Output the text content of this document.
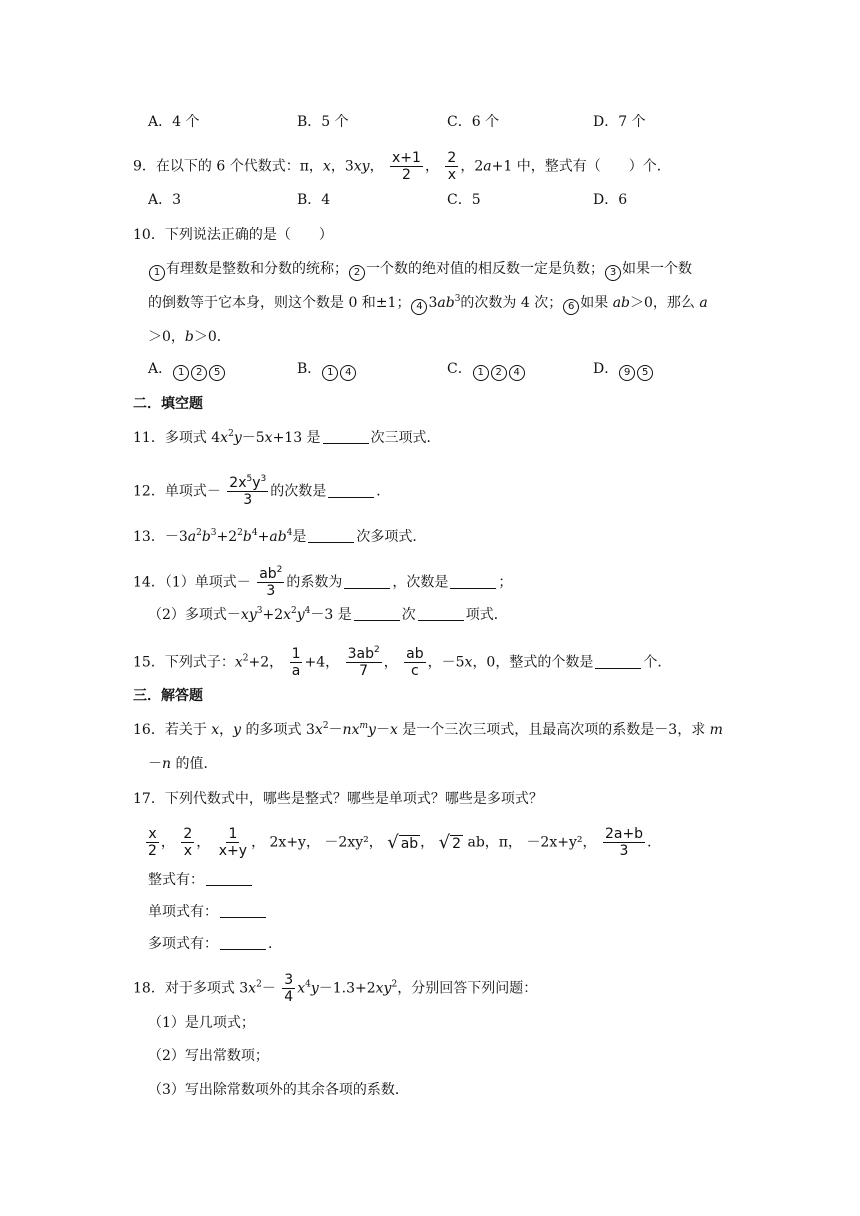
A．4 个	B．5 个	C．6 个	D．7 个
9．在以下的 6 个代数式：π，x，3xy， $\frac{x+1}{2}$ ， $\frac{2}{x}$ ，2a+1 中，整式有（　　）个．
A．3	B．4	C．5	D．6
10．下列说法正确的是（　　）
1 有理数是整数和分数的统称； 2 一个数的绝对值的相反数一定是负数； 3 如果一个数
的倒数等于它本身，则这个数是 0 和±1； 4 $3ab^3$的次数为 4 次； 6 如果 ab＞0，那么 a
＞0，b＞0．
A． 1 2 5	B． 1 4	C． 1 2 4	D． 9 5
二．填空题
11．多项式 $4x^2y-5x+13$ 是	次三项式．
12．单项式－ $\frac{2x^5y^3}{3}$ 的次数是	．
13．$-3a^2b^3+2^2b^4+ab^4$是	次多项式．
14．（1）单项式－ $\frac{ab^2}{3}$ 的系数为	，次数是	；
（2）多项式$-xy^3+2x^2y^4-3$ 是	次	项式．
15．下列式子：$x^2+2$， $\frac{1}{a} +4$， $\frac{3ab^2}{7}$ ， $\frac{ab}{c}$ ，－5x，0，整式的个数是	个．
三．解答题
16．若关于 x，y 的多项式 $3x^2-nx^my-x$ 是一个三次三项式，且最高次项的系数是－3，求 m
－n 的值．
17．下列代数式中，哪些是整式？哪些是单项式？哪些是多项式？
$\frac{x}{2}$ ， $\frac{2}{x}$ ， $\frac{1}{x+y}$ ， 2x+y， －2xy²， √ ab ， √ 2 ab，π， －2x+y²， $\frac{2a+b}{3}$ ．
整式有：
单项式有：
多项式有：	．
18．对于多项式 $3x^2- \frac{3}{4} x^4y-1.3+2xy^2$，分别回答下列问题：
（1）是几项式；
（2）写出常数项；
（3）写出除常数项外的其余各项的系数．
